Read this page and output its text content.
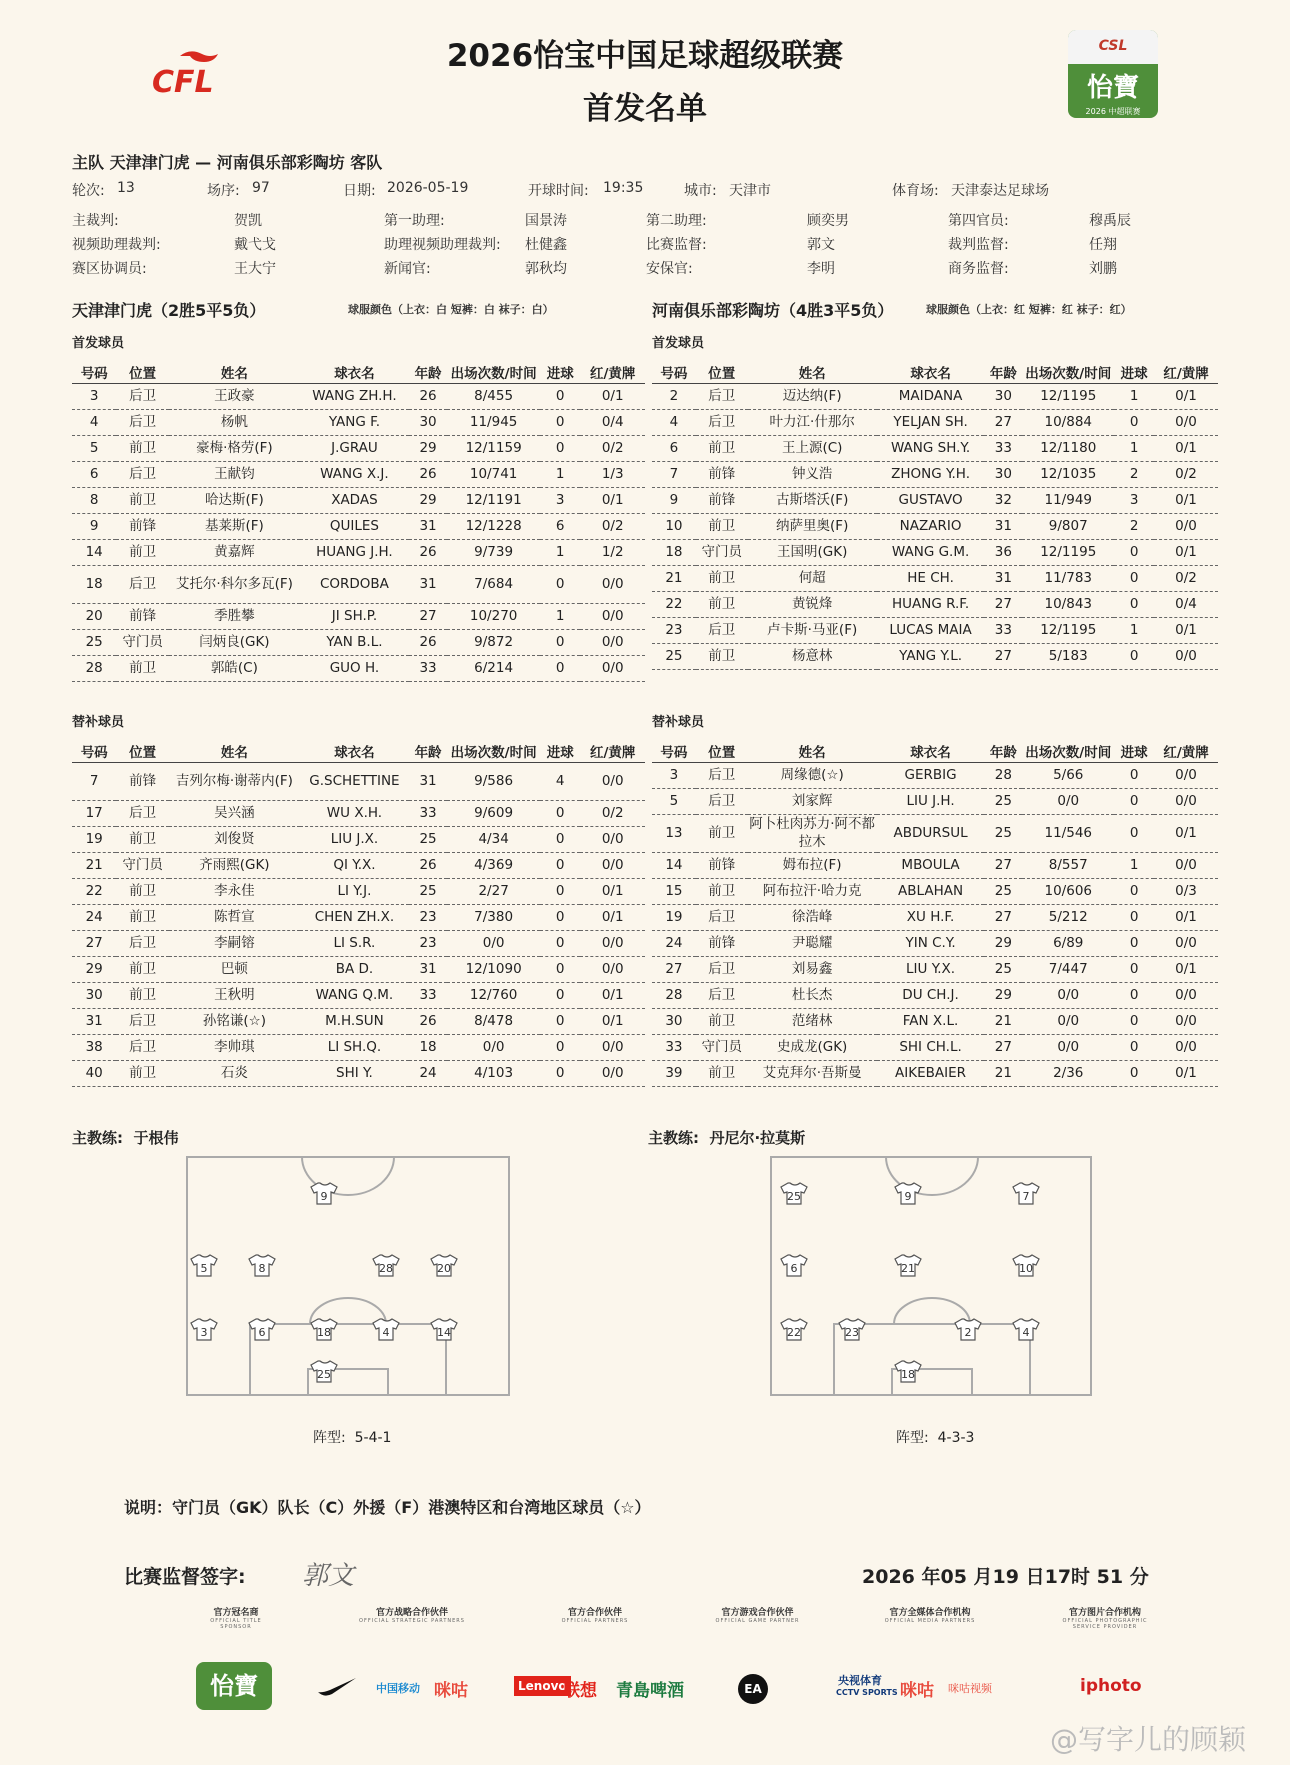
CFL
2026怡宝中国足球超级联赛
首发名单
CSL
怡寶
2026 中超联赛
主队 天津津门虎 — 河南俱乐部彩陶坊 客队
轮次: 13	场序: 97	日期: 2026-05-19	开球时间: 19:35	城市: 天津市	体育场: 天津泰达足球场
主裁判:	贺凯	第一助理:	国景涛	第二助理:	顾奕男	第四官员:	穆禹辰
视频助理裁判:	戴弋戈	助理视频助理裁判: 杜健鑫	比赛监督:	郭文	裁判监督:	任翔
赛区协调员:	王大宁	新闻官:	郭秋均	安保官:	李明	商务监督:	刘鹏
天津津门虎（2胜5平5负）	球服颜色（上衣：白 短裤：白 袜子：白）	河南俱乐部彩陶坊（4胜3平5负）	球服颜色（上衣：红 短裤：红 袜子：红）
首发球员	首发球员
号码	位置	姓名	球衣名	年龄	出场次数/时间	进球	红/黄牌
3	后卫	王政豪	WANG ZH.H.	26	8/455	0	0/1
4	后卫	杨帆	YANG F.	30	11/945	0	0/4
5	前卫	豪梅·格劳(F)	J.GRAU	29	12/1159	0	0/2
6	后卫	王献钧	WANG X.J.	26	10/741	1	1/3
8	前卫	哈达斯(F)	XADAS	29	12/1191	3	0/1
9	前锋	基莱斯(F)	QUILES	31	12/1228	6	0/2
14	前卫	黄嘉辉	HUANG J.H.	26	9/739	1	1/2
18	后卫	艾托尔·科尔多瓦(F)	CORDOBA	31	7/684	0	0/0
20	前锋	季胜攀	JI SH.P.	27	10/270	1	0/0
25	守门员	闫炳良(GK)	YAN B.L.	26	9/872	0	0/0
28	前卫	郭皓(C)	GUO H.	33	6/214	0	0/0
号码	位置	姓名	球衣名	年龄	出场次数/时间	进球	红/黄牌
2	后卫	迈达纳(F)	MAIDANA	30	12/1195	1	0/1
4	后卫	叶力江·什那尔	YELJAN SH.	27	10/884	0	0/0
6	前卫	王上源(C)	WANG SH.Y.	33	12/1180	1	0/1
7	前锋	钟义浩	ZHONG Y.H.	30	12/1035	2	0/2
9	前锋	古斯塔沃(F)	GUSTAVO	32	11/949	3	0/1
10	前卫	纳萨里奥(F)	NAZARIO	31	9/807	2	0/0
18	守门员	王国明(GK)	WANG G.M.	36	12/1195	0	0/1
21	前卫	何超	HE CH.	31	11/783	0	0/2
22	前卫	黄锐烽	HUANG R.F.	27	10/843	0	0/4
23	后卫	卢卡斯·马亚(F)	LUCAS MAIA	33	12/1195	1	0/1
25	前卫	杨意林	YANG Y.L.	27	5/183	0	0/0
替补球员	替补球员
号码	位置	姓名	球衣名	年龄	出场次数/时间	进球	红/黄牌
7	前锋	吉列尔梅·谢蒂内(F)	G.SCHETTINE	31	9/586	4	0/0
17	后卫	吴兴涵	WU X.H.	33	9/609	0	0/2
19	前卫	刘俊贤	LIU J.X.	25	4/34	0	0/0
21	守门员	齐雨熙(GK)	QI Y.X.	26	4/369	0	0/0
22	前卫	李永佳	LI Y.J.	25	2/27	0	0/1
24	前卫	陈哲宣	CHEN ZH.X.	23	7/380	0	0/1
27	后卫	李嗣镕	LI S.R.	23	0/0	0	0/0
29	前卫	巴顿	BA D.	31	12/1090	0	0/0
30	前卫	王秋明	WANG Q.M.	33	12/760	0	0/1
31	后卫	孙铭谦(☆)	M.H.SUN	26	8/478	0	0/1
38	后卫	李帅琪	LI SH.Q.	18	0/0	0	0/0
40	前卫	石炎	SHI Y.	24	4/103	0	0/0
号码	位置	姓名	球衣名	年龄	出场次数/时间	进球	红/黄牌
3	后卫	周缘德(☆)	GERBIG	28	5/66	0	0/0
5	后卫	刘家辉	LIU J.H.	25	0/0	0	0/0
13	前卫	阿卜杜肉苏力·阿不都拉木	ABDURSUL	25	11/546	0	0/1
14	前锋	姆布拉(F)	MBOULA	27	8/557	1	0/0
15	前卫	阿布拉汗·哈力克	ABLAHAN	25	10/606	0	0/3
19	后卫	徐浩峰	XU H.F.	27	5/212	0	0/1
24	前锋	尹聪耀	YIN C.Y.	29	6/89	0	0/0
27	后卫	刘易鑫	LIU Y.X.	25	7/447	0	0/1
28	后卫	杜长杰	DU CH.J.	29	0/0	0	0/0
30	前卫	范绪林	FAN X.L.	21	0/0	0	0/0
33	守门员	史成龙(GK)	SHI CH.L.	27	0/0	0	0/0
39	前卫	艾克拜尔·吾斯曼	AIKEBAIER	21	2/36	0	0/1
主教练: 于根伟	主教练: 丹尼尔·拉莫斯
9
5	8	28	20
3	6	18	4	14
25
25	9	7
6	21	10
22	23	2	4
18
阵型: 5-4-1	阵型: 4-3-3
说明：守门员（GK）队长（C）外援（F）港澳特区和台湾地区球员（☆）
比赛监督签字: 郭文	2026 年05 月19 日17时 51 分
官方冠名商
OFFICIAL TITLE SPONSOR
官方战略合作伙伴
OFFICIAL STRATEGIC PARTNERS
官方合作伙伴
OFFICIAL PARTNERS
官方游戏合作伙伴
OFFICIAL GAME PARTNER
官方全媒体合作机构
OFFICIAL MEDIA PARTNERS
官方图片合作机构
OFFICIAL PHOTOGRAPHIC SERVICE PROVIDER
怡寶	中国移动 咪咕	Lenovo
联想 青島啤酒	EA
央视体育
CCTV SPORTS 咪咕 咪咕视频	iphoto
@写字儿的顾颖
